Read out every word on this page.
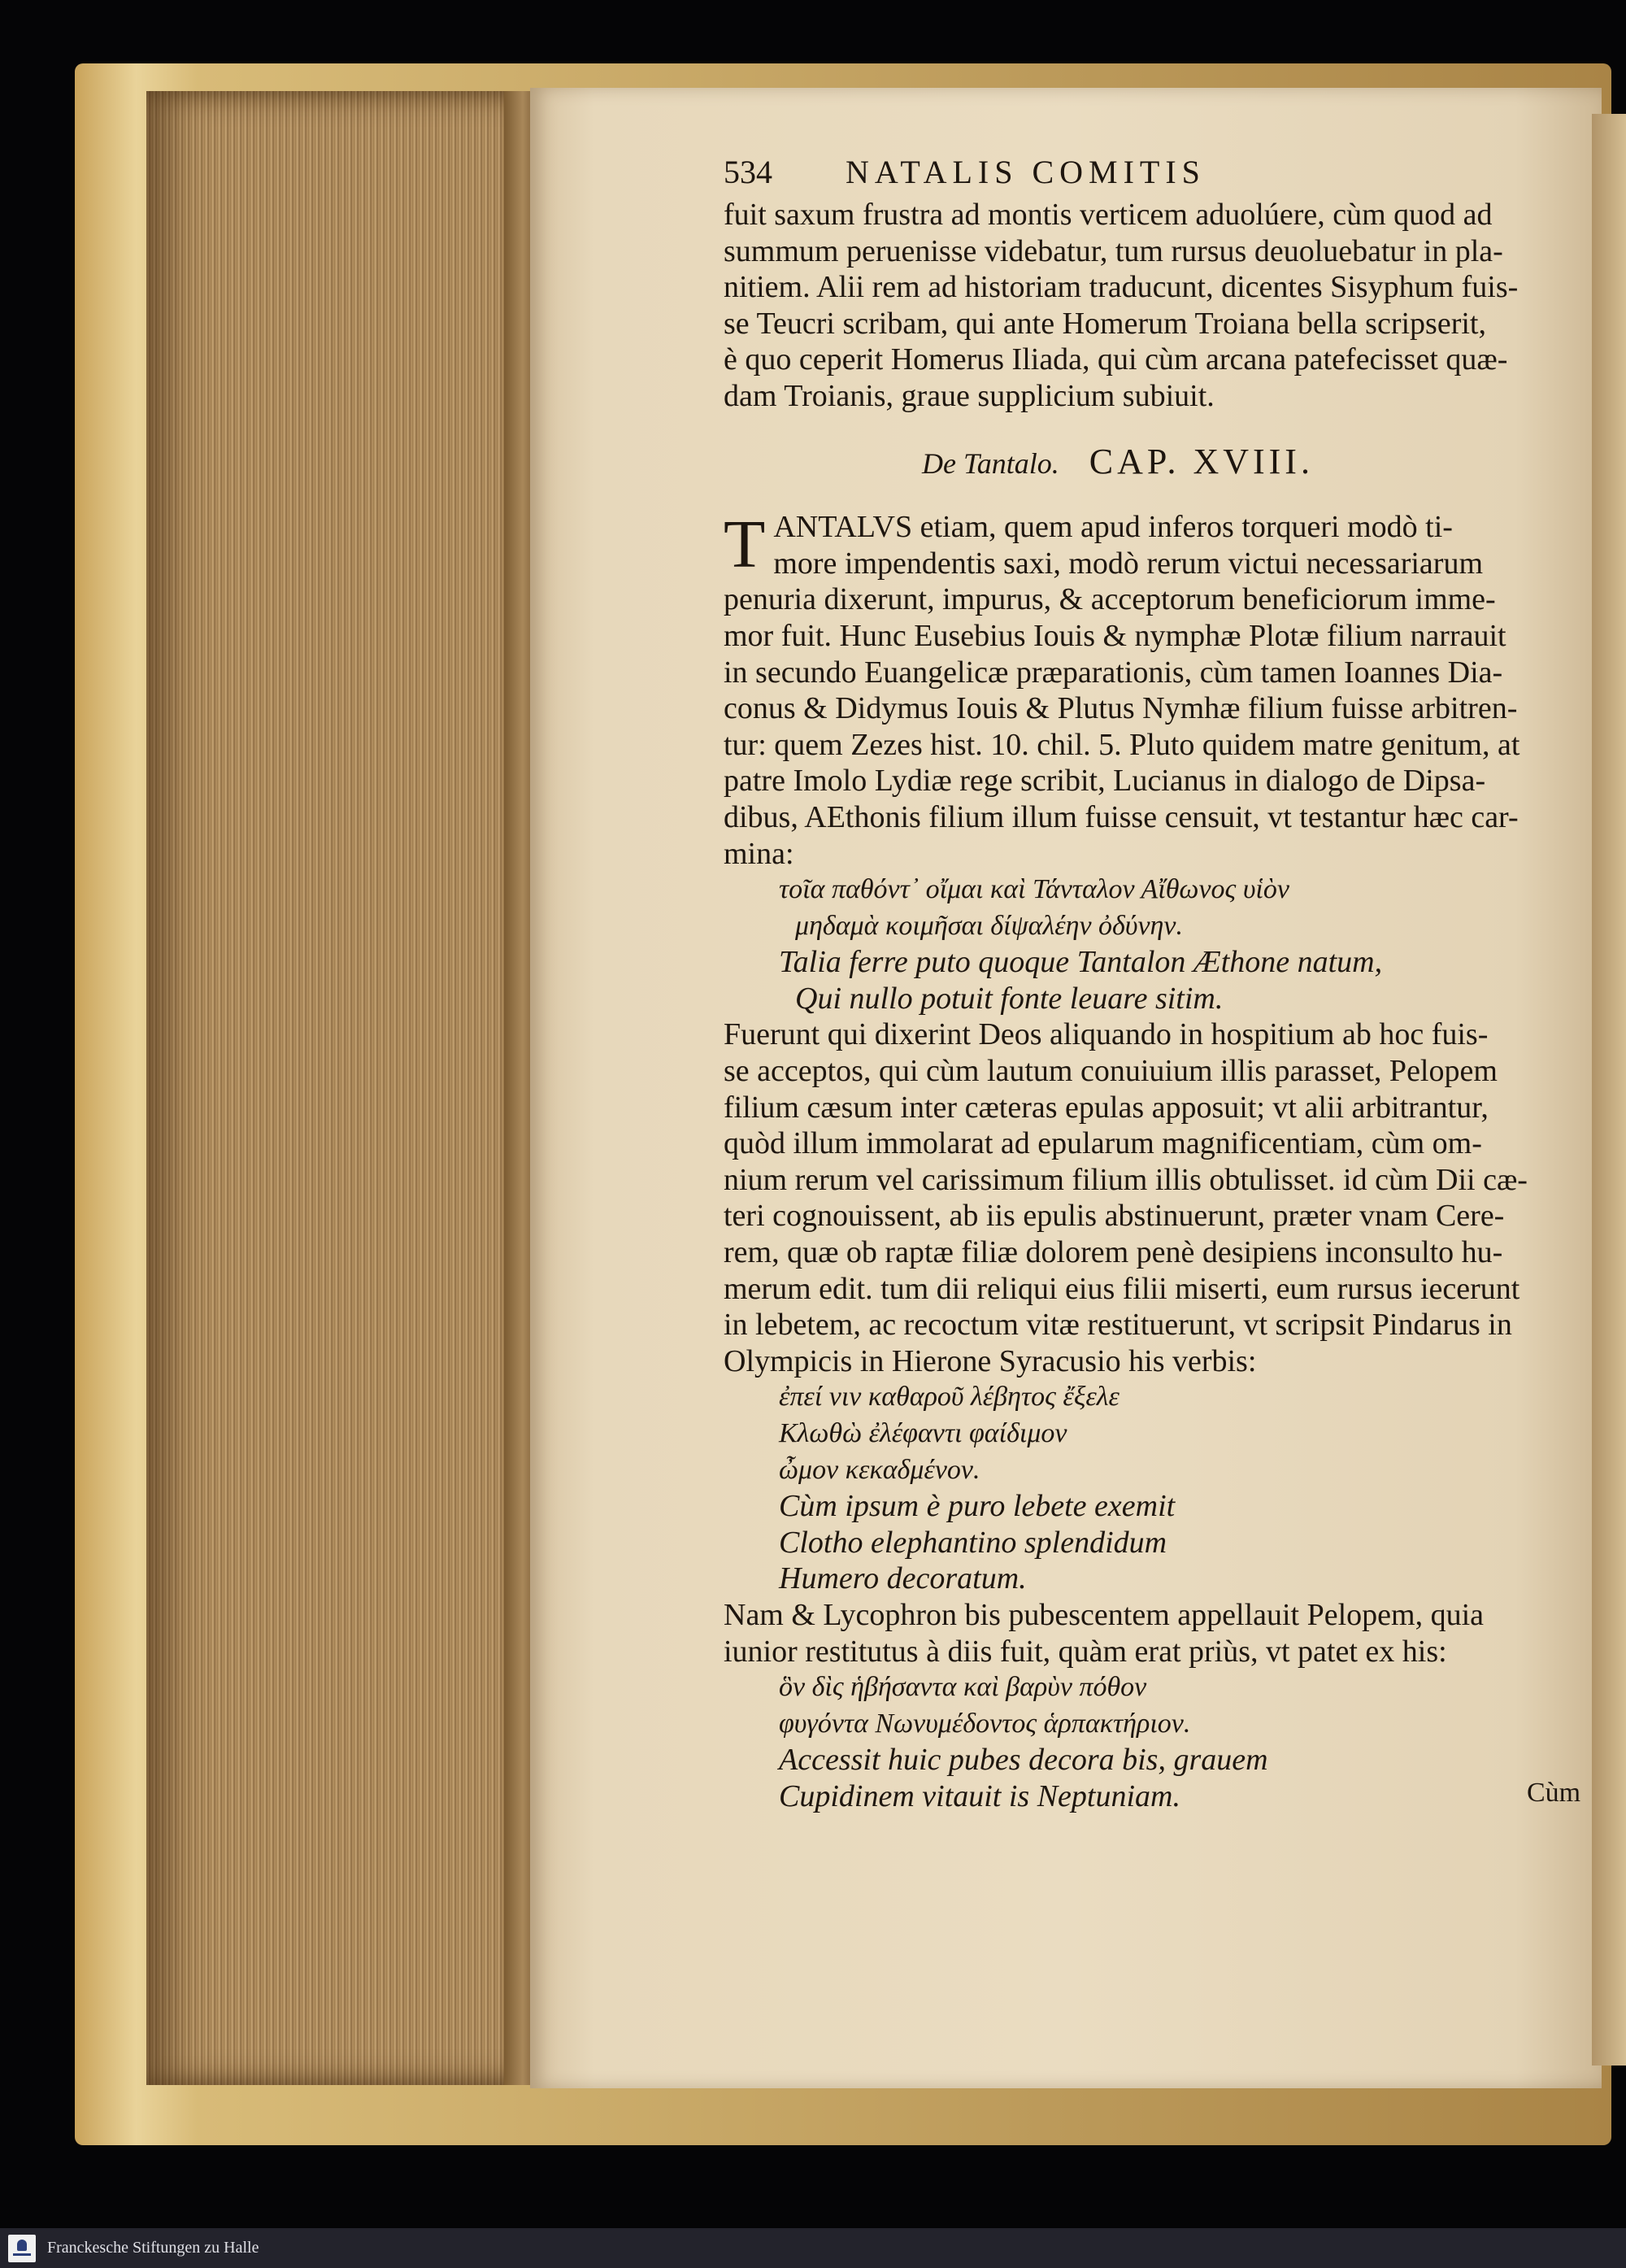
534	NATALIS COMITIS
fuit saxum frustra ad montis verticem aduolúere, cùm quod ad
summum peruenisse videbatur, tum rursus deuoluebatur in pla-
nitiem. Alii rem ad historiam traducunt, dicentes Sisyphum fuis-
se Teucri scribam, qui ante Homerum Troiana bella scripserit,
è quo ceperit Homerus Iliada, qui cùm arcana patefecisset quæ-
dam Troianis, graue supplicium subiuit.
De Tantalo. CAP. XVIII.
T ANTALVS etiam, quem apud inferos torqueri modò ti-
more impendentis saxi, modò rerum victui necessariarum
penuria dixerunt, impurus, & acceptorum beneficiorum imme-
mor fuit. Hunc Eusebius Iouis & nymphæ Plotæ filium narrauit
in secundo Euangelicæ præparationis, cùm tamen Ioannes Dia-
conus & Didymus Iouis & Plutus Nymhæ filium fuisse arbitren-
tur: quem Zezes hist. 10. chil. 5. Pluto quidem matre genitum, at
patre Imolo Lydiæ rege scribit, Lucianus in dialogo de Dipsa-
dibus, AEthonis filium illum fuisse censuit, vt testantur hæc car-
mina:
τοῖα παθόντ᾽ οἴμαι καὶ Τάνταλον Αἴθωνος υἱὸν
μηδαμὰ κοιμῆσαι δίψαλέην ὀδύνην.
Talia ferre puto quoque Tantalon Æthone natum,
Qui nullo potuit fonte leuare sitim.
Fuerunt qui dixerint Deos aliquando in hospitium ab hoc fuis-
se acceptos, qui cùm lautum conuiuium illis parasset, Pelopem
filium cæsum inter cæteras epulas apposuit; vt alii arbitrantur,
quòd illum immolarat ad epularum magnificentiam, cùm om-
nium rerum vel carissimum filium illis obtulisset. id cùm Dii cæ-
teri cognouissent, ab iis epulis abstinuerunt, præter vnam Cere-
rem, quæ ob raptæ filiæ dolorem penè desipiens inconsulto hu-
merum edit. tum dii reliqui eius filii miserti, eum rursus iecerunt
in lebetem, ac recoctum vitæ restituerunt, vt scripsit Pindarus in
Olympicis in Hierone Syracusio his verbis:
ἐπεί νιν καθαροῦ λέβητος ἔξελε
Κλωθὼ ἐλέφαντι φαίδιμον
ὦμον κεκαδμένον.
Cùm ipsum è puro lebete exemit
Clotho elephantino splendidum
Humero decoratum.
Nam & Lycophron bis pubescentem appellauit Pelopem, quia
iunior restitutus à diis fuit, quàm erat priùs, vt patet ex his:
ὃν δὶς ἡβήσαντα καὶ βαρὺν πόθον
φυγόντα Νωνυμέδοντος ἁρπακτήριον.
Accessit huic pubes decora bis, grauem
Cupidinem vitauit is Neptuniam.	Cùm
Franckesche Stiftungen zu Halle
